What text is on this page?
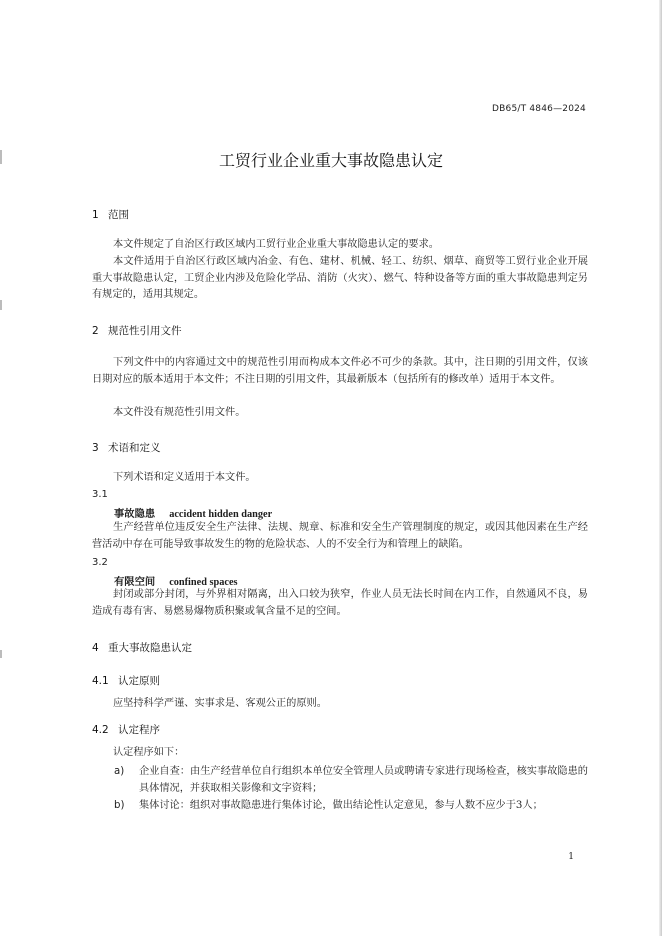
DB65/T 4846—2024
工贸行业企业重大事故隐患认定
1 范围

本文件规定了自治区行政区域内工贸行业企业重大事故隐患认定的要求。

本文件适用于自治区行政区域内冶金、有色、建材、机械、轻工、纺织、烟草、商贸等工贸行业企业开展重大事故隐患认定，工贸企业内涉及危险化学品、消防（火灾）、燃气、特种设备等方面的重大事故隐患判定另有规定的，适用其规定。

2 规范性引用文件

下列文件中的内容通过文中的规范性引用而构成本文件必不可少的条款。其中，注日期的引用文件，仅该日期对应的版本适用于本文件；不注日期的引用文件，其最新版本（包括所有的修改单）适用于本文件。

本文件没有规范性引用文件。

3 术语和定义

下列术语和定义适用于本文件。

3.1
事故隐患 accident hidden danger

生产经营单位违反安全生产法律、法规、规章、标准和安全生产管理制度的规定，或因其他因素在生产经营活动中存在可能导致事故发生的物的危险状态、人的不安全行为和管理上的缺陷。

3.2
有限空间 confined spaces

封闭或部分封闭，与外界相对隔离，出入口较为狭窄，作业人员无法长时间在内工作，自然通风不良，易造成有毒有害、易燃易爆物质积聚或氧含量不足的空间。

4 重大事故隐患认定
4.1 认定原则

应坚持科学严谨、实事求是、客观公正的原则。

4.2 认定程序

认定程序如下：

a) 企业自查：由生产经营单位自行组织本单位安全管理人员或聘请专家进行现场检查，核实事故隐患的具体情况，并获取相关影像和文字资料；
b) 集体讨论：组织对事故隐患进行集体讨论，做出结论性认定意见，参与人数不应少于3人；
1
